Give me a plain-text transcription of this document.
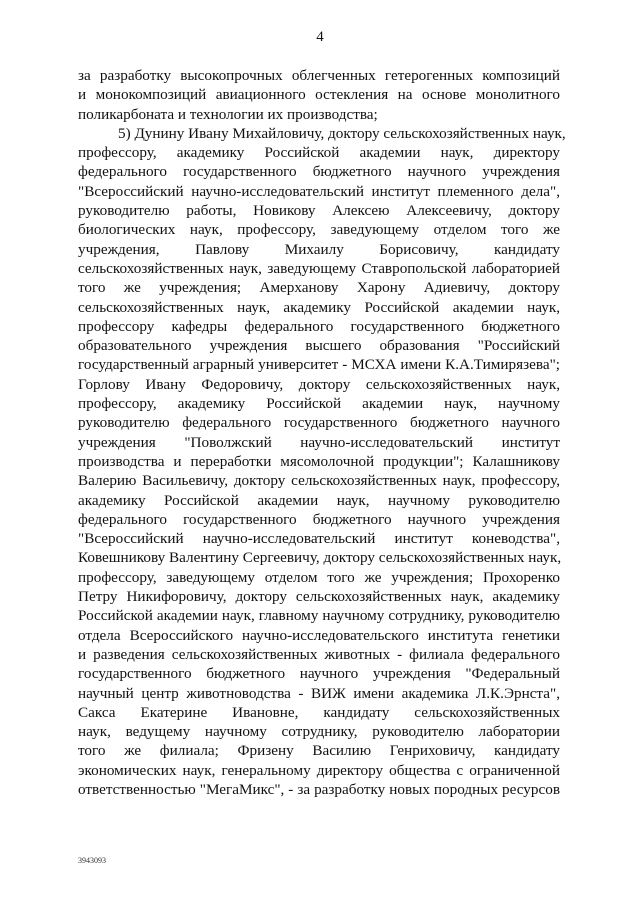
4
за разработку высокопрочных облегченных гетерогенных композиций
и монокомпозиций авиационного остекления на основе монолитного
поликарбоната и технологии их производства;
5) Дунину Ивану Михайловичу, доктору сельскохозяйственных наук,
профессору, академику Российской академии наук, директору
федерального государственного бюджетного научного учреждения
"Всероссийский научно-исследовательский институт племенного дела",
руководителю работы, Новикову Алексею Алексеевичу, доктору
биологических наук, профессору, заведующему отделом того же
учреждения, Павлову Михаилу Борисовичу, кандидату
сельскохозяйственных наук, заведующему Ставропольской лабораторией
того же учреждения; Амерханову Харону Адиевичу, доктору
сельскохозяйственных наук, академику Российской академии наук,
профессору кафедры федерального государственного бюджетного
образовательного учреждения высшего образования "Российский
государственный аграрный университет - МСХА имени К.А.Тимирязева";
Горлову Ивану Федоровичу, доктору сельскохозяйственных наук,
профессору, академику Российской академии наук, научному
руководителю федерального государственного бюджетного научного
учреждения "Поволжский научно-исследовательский институт
производства и переработки мясомолочной продукции"; Калашникову
Валерию Васильевичу, доктору сельскохозяйственных наук, профессору,
академику Российской академии наук, научному руководителю
федерального государственного бюджетного научного учреждения
"Всероссийский научно-исследовательский институт коневодства",
Ковешникову Валентину Сергеевичу, доктору сельскохозяйственных наук,
профессору, заведующему отделом того же учреждения; Прохоренко
Петру Никифоровичу, доктору сельскохозяйственных наук, академику
Российской академии наук, главному научному сотруднику, руководителю
отдела Всероссийского научно-исследовательского института генетики
и разведения сельскохозяйственных животных - филиала федерального
государственного бюджетного научного учреждения "Федеральный
научный центр животноводства - ВИЖ имени академика Л.К.Эрнста",
Сакса Екатерине Ивановне, кандидату сельскохозяйственных
наук, ведущему научному сотруднику, руководителю лаборатории
того же филиала; Фризену Василию Генриховичу, кандидату
экономических наук, генеральному директору общества с ограниченной
ответственностью "МегаМикс", - за разработку новых породных ресурсов
3943093
